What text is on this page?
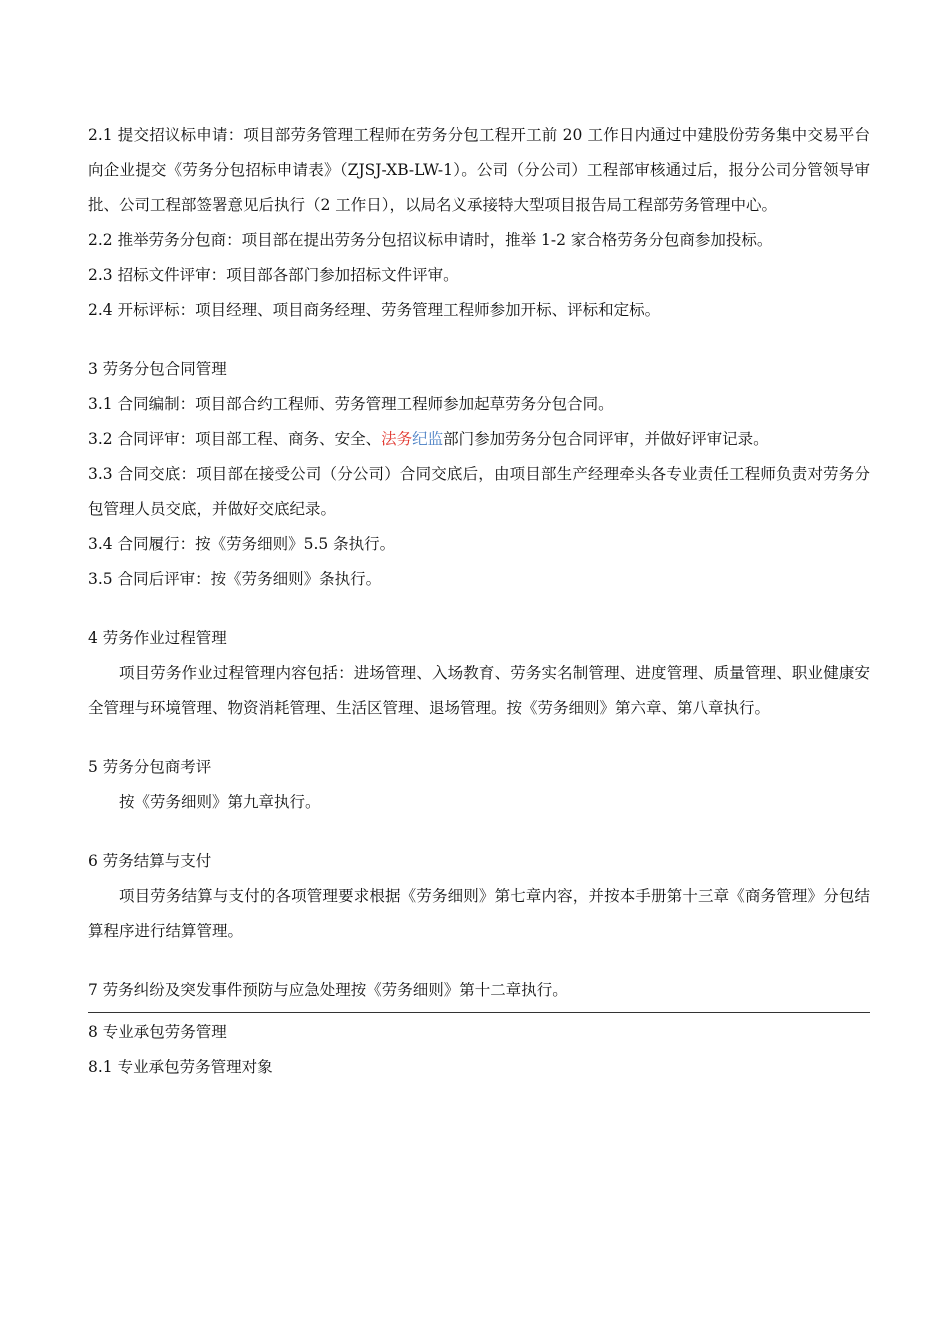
2.1 提交招议标申请：项目部劳务管理工程师在劳务分包工程开工前 20 工作日内通过中建股份劳务集中交易平台向企业提交《劳务分包招标申请表》（ZJSJ-XB-LW-1）。公司（分公司）工程部审核通过后，报分公司分管领导审批、公司工程部签署意见后执行（2 工作日），以局名义承接特大型项目报告局工程部劳务管理中心。

2.2 推举劳务分包商：项目部在提出劳务分包招议标申请时，推举 1-2 家合格劳务分包商参加投标。

2.3 招标文件评审：项目部各部门参加招标文件评审。

2.4 开标评标：项目经理、项目商务经理、劳务管理工程师参加开标、评标和定标。

3 劳务分包合同管理

3.1 合同编制：项目部合约工程师、劳务管理工程师参加起草劳务分包合同。

3.2 合同评审：项目部工程、商务、安全、法务纪监部门参加劳务分包合同评审，并做好评审记录。

3.3 合同交底：项目部在接受公司（分公司）合同交底后，由项目部生产经理牵头各专业责任工程师负责对劳务分包管理人员交底，并做好交底纪录。

3.4 合同履行：按《劳务细则》5.5 条执行。

3.5 合同后评审：按《劳务细则》条执行。

4 劳务作业过程管理

项目劳务作业过程管理内容包括：进场管理、入场教育、劳务实名制管理、进度管理、质量管理、职业健康安全管理与环境管理、物资消耗管理、生活区管理、退场管理。按《劳务细则》第六章、第八章执行。

5 劳务分包商考评

按《劳务细则》第九章执行。

6 劳务结算与支付

项目劳务结算与支付的各项管理要求根据《劳务细则》第七章内容，并按本手册第十三章《商务管理》分包结算程序进行结算管理。

7 劳务纠纷及突发事件预防与应急处理按《劳务细则》第十二章执行。

8 专业承包劳务管理

8.1 专业承包劳务管理对象
